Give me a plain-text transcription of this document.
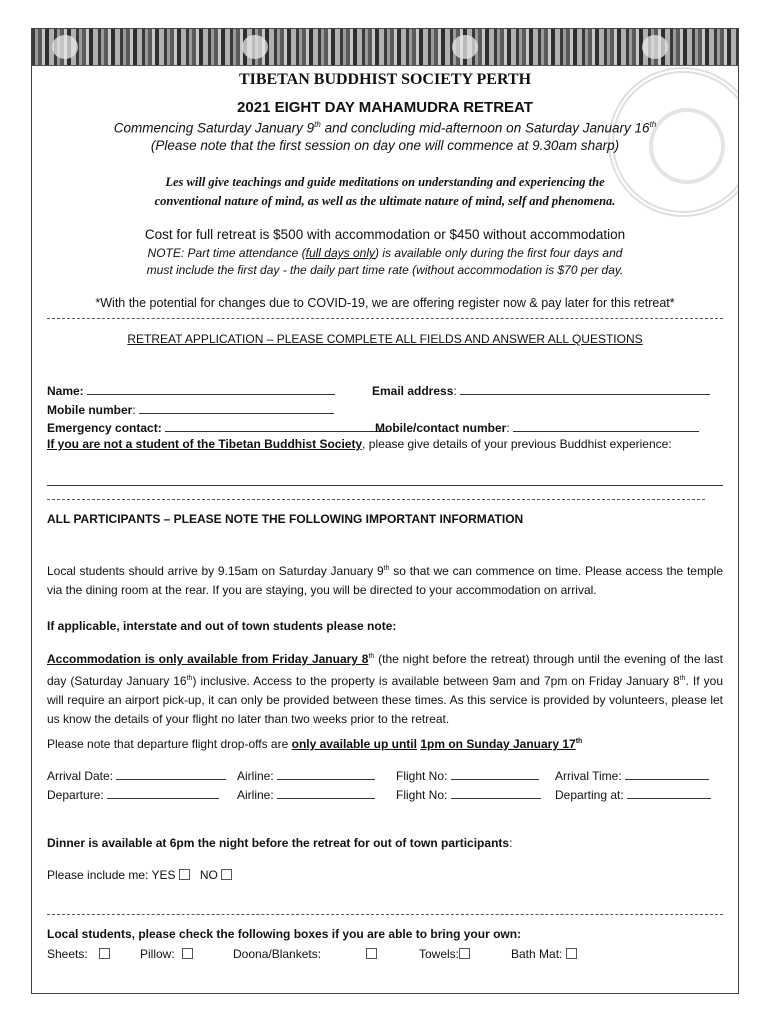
TIBETAN BUDDHIST SOCIETY PERTH
2021 EIGHT DAY MAHAMUDRA RETREAT
Commencing Saturday January 9th and concluding mid-afternoon on Saturday January 16th
(Please note that the first session on day one will commence at 9.30am sharp)
Les will give teachings and guide meditations on understanding and experiencing the
conventional nature of mind, as well as the ultimate nature of mind, self and phenomena.
Cost for full retreat is $500 with accommodation or $450 without accommodation
NOTE: Part time attendance (full days only) is available only during the first four days and
must include the first day - the daily part time rate (without accommodation is $70 per day.
*With the potential for changes due to COVID-19, we are offering register now & pay later for this retreat*
RETREAT APPLICATION – PLEASE COMPLETE ALL FIELDS AND ANSWER ALL QUESTIONS
Name:	Email address:
Mobile number:
Emergency contact:	Mobile/contact number:
If you are not a student of the Tibetan Buddhist Society, please give details of your previous Buddhist experience:
ALL PARTICIPANTS – PLEASE NOTE THE FOLLOWING IMPORTANT INFORMATION
Local students should arrive by 9.15am on Saturday January 9th so that we can commence on time. Please access the temple via the dining room at the rear. If you are staying, you will be directed to your accommodation on arrival.
If applicable, interstate and out of town students please note:
Accommodation is only available from Friday January 8th (the night before the retreat) through until the evening of the last day (Saturday January 16th) inclusive. Access to the property is available between 9am and 7pm on Friday January 8th. If you will require an airport pick-up, it can only be provided between these times. As this service is provided by volunteers, please let us know the details of your flight no later than two weeks prior to the retreat.
Please note that departure flight drop-offs are only available up until 1pm on Sunday January 17th
Arrival Date:	Airline:	Flight No:	Arrival Time:
Departure:	Airline:	Flight No:	Departing at:
Dinner is available at 6pm the night before the retreat for out of town participants:
Please include me: YES NO
Local students, please check the following boxes if you are able to bring your own:
Sheets:	Pillow:	Doona/Blankets:	Towels:	Bath Mat:
